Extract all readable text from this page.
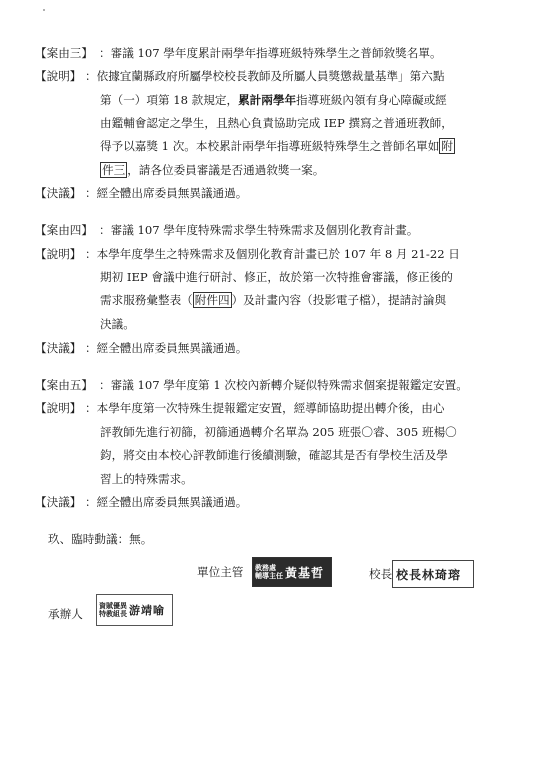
【案由三】 ：審議 107 學年度累計兩學年指導班級特殊學生之普師敘獎名單。
【說明】 ：依據宜蘭縣政府所屬學校校長教師及所屬人員獎懲裁量基準」第六點
第（一）項第 18 款規定，累計兩學年指導班級內領有身心障礙或經
由鑑輔會認定之學生，且熱心負責協助完成 IEP 撰寫之普通班教師，
得予以嘉獎 1 次。本校累計兩學年指導班級特殊學生之普師名單如 附
件三 ，請各位委員審議是否通過敘獎一案。
【決議】 ：經全體出席委員無異議通過。
【案由四】 ：審議 107 學年度特殊需求學生特殊需求及個別化教育計畫。
【說明】 ：本學年度學生之特殊需求及個別化教育計畫已於 107 年 8 月 21-22 日
期初 IEP 會議中進行研討、修正，故於第一次特推會審議，修正後的
需求服務彙整表（ 附件四 ）及計畫內容（投影電子檔），提請討論與
決議。
【決議】 ：經全體出席委員無異議通過。
【案由五】 ：審議 107 學年度第 1 次校內新轉介疑似特殊需求個案提報鑑定安置。
【說明】 ：本學年度第一次特殊生提報鑑定安置，經導師協助提出轉介後，由心
評教師先進行初篩，初篩通過轉介名單為 205 班張〇睿、305 班楊〇
鈞，將交由本校心評教師進行後續測驗，確認其是否有學校生活及學
習上的特殊需求。
【決議】 ：經全體出席委員無異議通過。
玖、臨時動議：無。
承辦人
資賦優異
特教組長 游靖喻
單位主管 教務處
輔導主任 黃基哲	校長 校長林琦瑢
